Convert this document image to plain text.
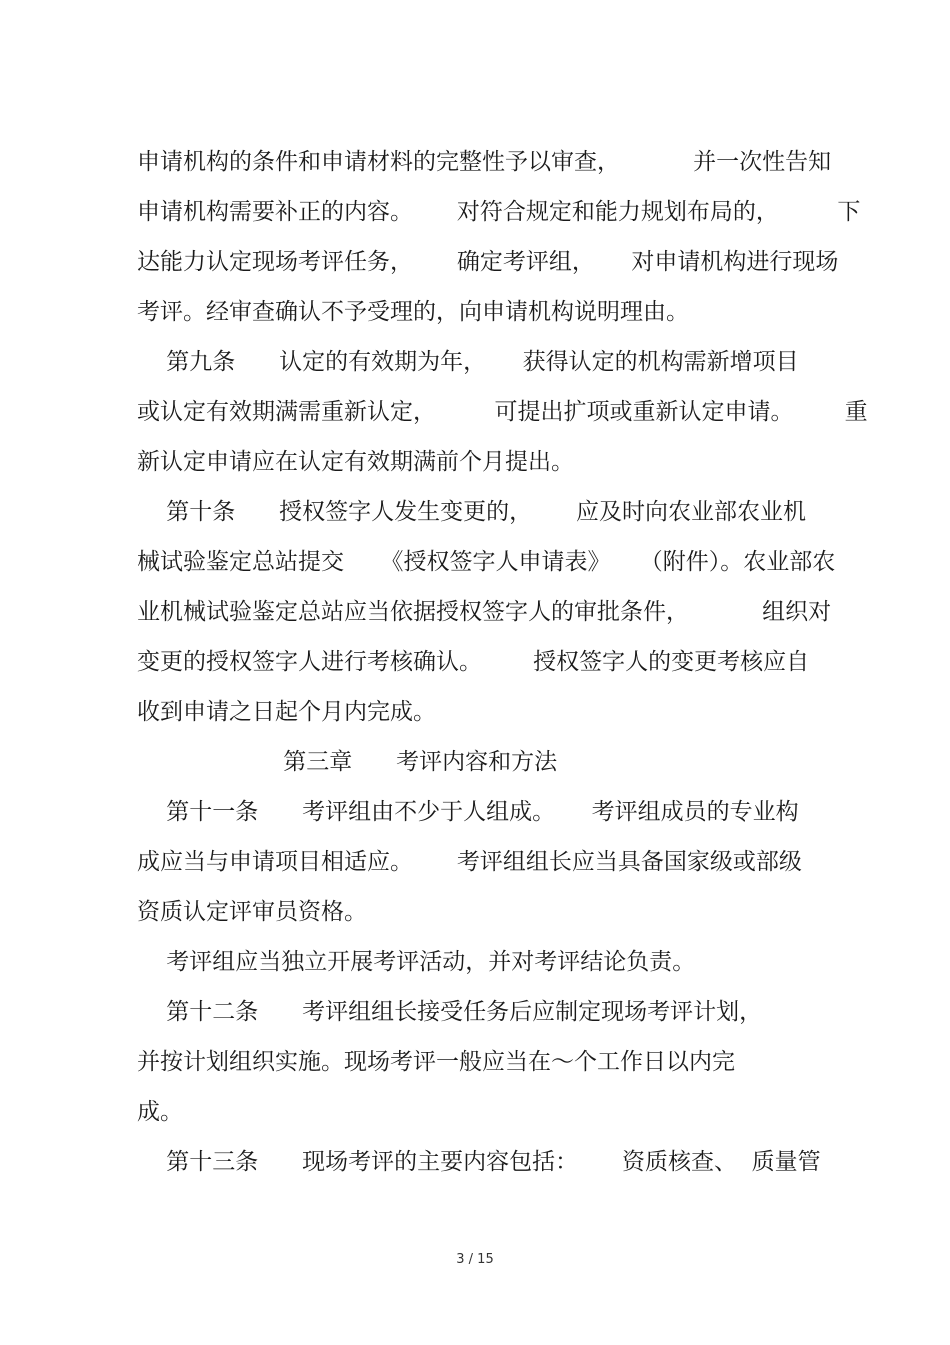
申请机构的条件和申请材料的完整性予以审查，          并一次性告知
申请机构需要补正的内容。      对符合规定和能力规划布局的，        下
达能力认定现场考评任务，      确定考评组，     对申请机构进行现场
考评。经审查确认不予受理的，向申请机构说明理由。
第九条      认定的有效期为年，     获得认定的机构需新增项目
或认定有效期满需重新认定，        可提出扩项或重新认定申请。       重
新认定申请应在认定有效期满前个月提出。
第十条      授权签字人发生变更的，      应及时向农业部农业机
械试验鉴定总站提交     《授权签字人申请表》    （附件）。农业部农
业机械试验鉴定总站应当依据授权签字人的审批条件，          组织对
变更的授权签字人进行考核确认。       授权签字人的变更考核应自
收到申请之日起个月内完成。
第三章      考评内容和方法
第十一条      考评组由不少于人组成。     考评组成员的专业构
成应当与申请项目相适应。      考评组组长应当具备国家级或部级
资质认定评审员资格。
考评组应当独立开展考评活动，并对考评结论负责。
第十二条      考评组组长接受任务后应制定现场考评计划，
并按计划组织实施。现场考评一般应当在～个工作日以内完
成。
第十三条      现场考评的主要内容包括：      资质核查、  质量管
3 / 15
